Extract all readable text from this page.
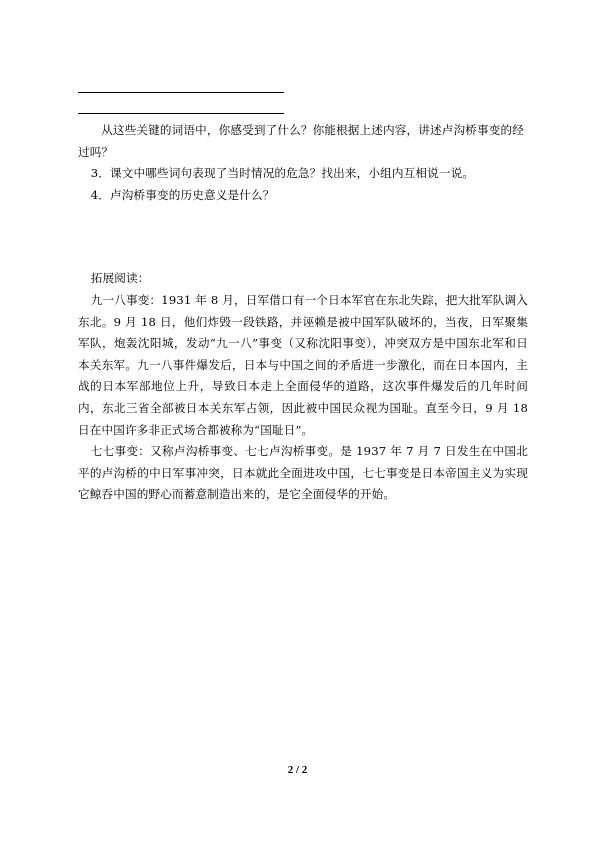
从这些关键的词语中，你感受到了什么？你能根据上述内容，讲述卢沟桥事变的经过吗？
3．课文中哪些词句表现了当时情况的危急？找出来，小组内互相说一说。
4．卢沟桥事变的历史意义是什么？
拓展阅读：
九一八事变：1931 年 8 月，日军借口有一个日本军官在东北失踪，把大批军队调入东北。9 月 18 日，他们炸毁一段铁路，并诬赖是被中国军队破坏的，当夜，日军聚集军队，炮轰沈阳城，发动“九一八”事变（又称沈阳事变），冲突双方是中国东北军和日本关东军。九一八事件爆发后，日本与中国之间的矛盾进一步激化，而在日本国内，主战的日本军部地位上升，导致日本走上全面侵华的道路，这次事件爆发后的几年时间内，东北三省全部被日本关东军占领，因此被中国民众视为国耻。直至今日，9 月 18 日在中国许多非正式场合都被称为“国耻日”。
七七事变：又称卢沟桥事变、七七卢沟桥事变。是 1937 年 7 月 7 日发生在中国北平的卢沟桥的中日军事冲突，日本就此全面进攻中国，七七事变是日本帝国主义为实现它鲸吞中国的野心而蓄意制造出来的，是它全面侵华的开始。
2 / 2
